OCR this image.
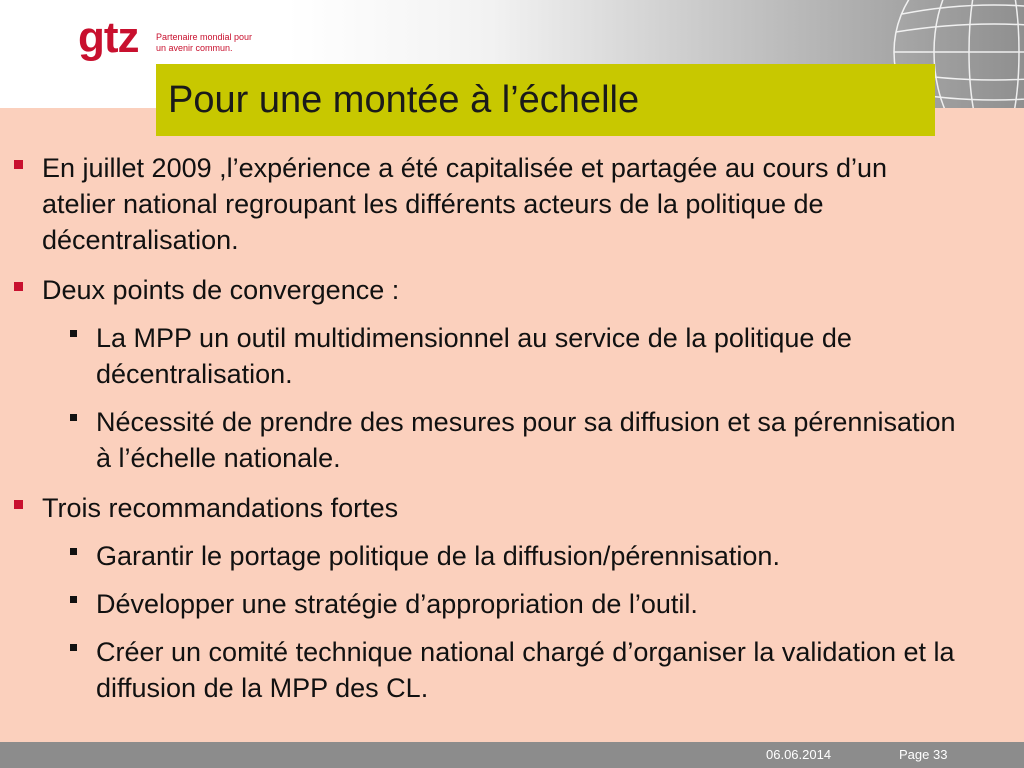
gtz Partenaire mondial pour
un avenir commun.
Pour une montée à l’échelle
En juillet 2009 ,l’expérience a été capitalisée et partagée au cours d’un atelier national regroupant les différents acteurs de la politique de décentralisation.
Deux points de convergence :
La MPP un outil multidimensionnel au service de la politique de décentralisation.
Nécessité de prendre des mesures pour sa diffusion et sa pérennisation à l’échelle nationale.
Trois recommandations fortes
Garantir le portage politique de la diffusion/pérennisation.
Développer une stratégie d’appropriation de l’outil.
Créer un comité technique national chargé d’organiser la validation et la diffusion de la MPP des CL.
06.06.2014	Page 33
